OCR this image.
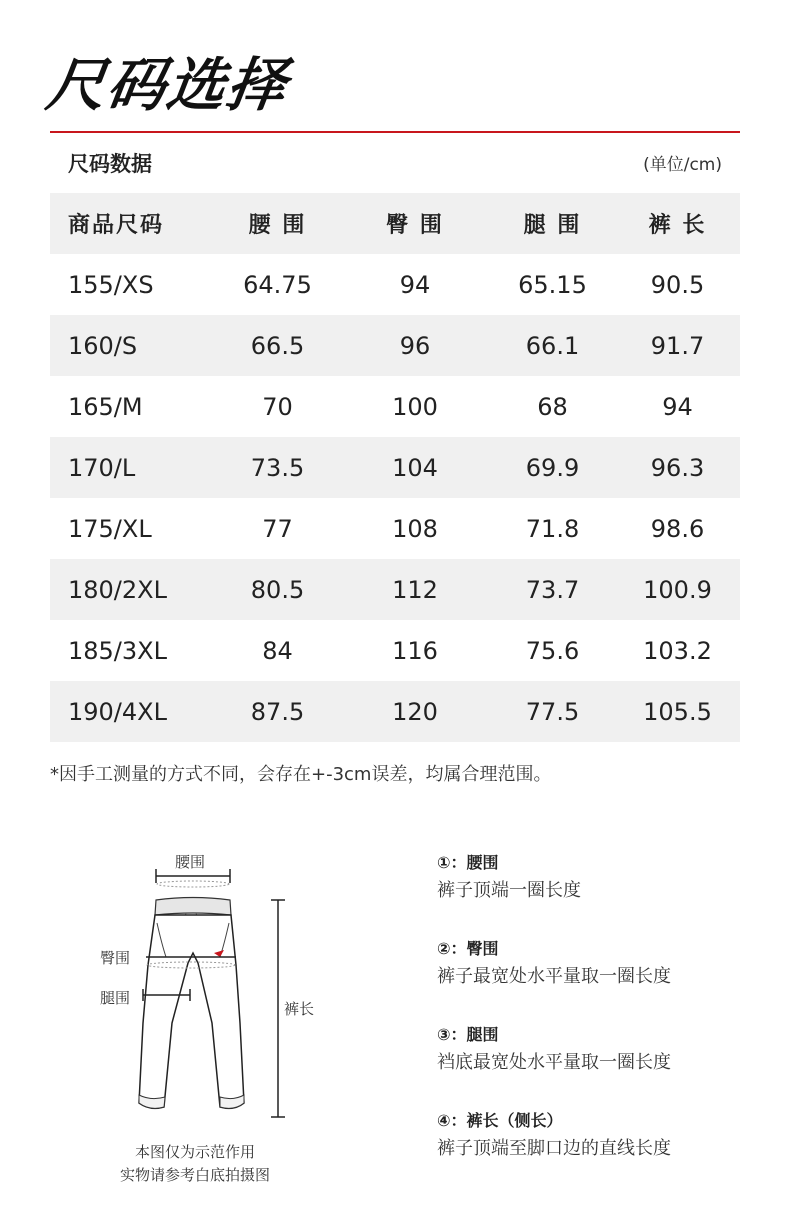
尺码选择
尺码数据	(单位/cm)
商品尺码	腰 围	臀 围	腿 围	裤 长
155/XS	64.75	94	65.15	90.5
160/S	66.5	96	66.1	91.7
165/M	70	100	68	94
170/L	73.5	104	69.9	96.3
175/XL	77	108	71.8	98.6
180/2XL	80.5	112	73.7	100.9
185/3XL	84	116	75.6	103.2
190/4XL	87.5	120	77.5	105.5
*因手工测量的方式不同，会存在+-3cm误差，均属合理范围。
腰围
臀围
腿围
裤长
本图仅为示范作用
实物请参考白底拍摄图
①：腰围
裤子顶端一圈长度
②：臀围
裤子最宽处水平量取一圈长度
③：腿围
裆底最宽处水平量取一圈长度
④：裤长（侧长）
裤子顶端至脚口边的直线长度
